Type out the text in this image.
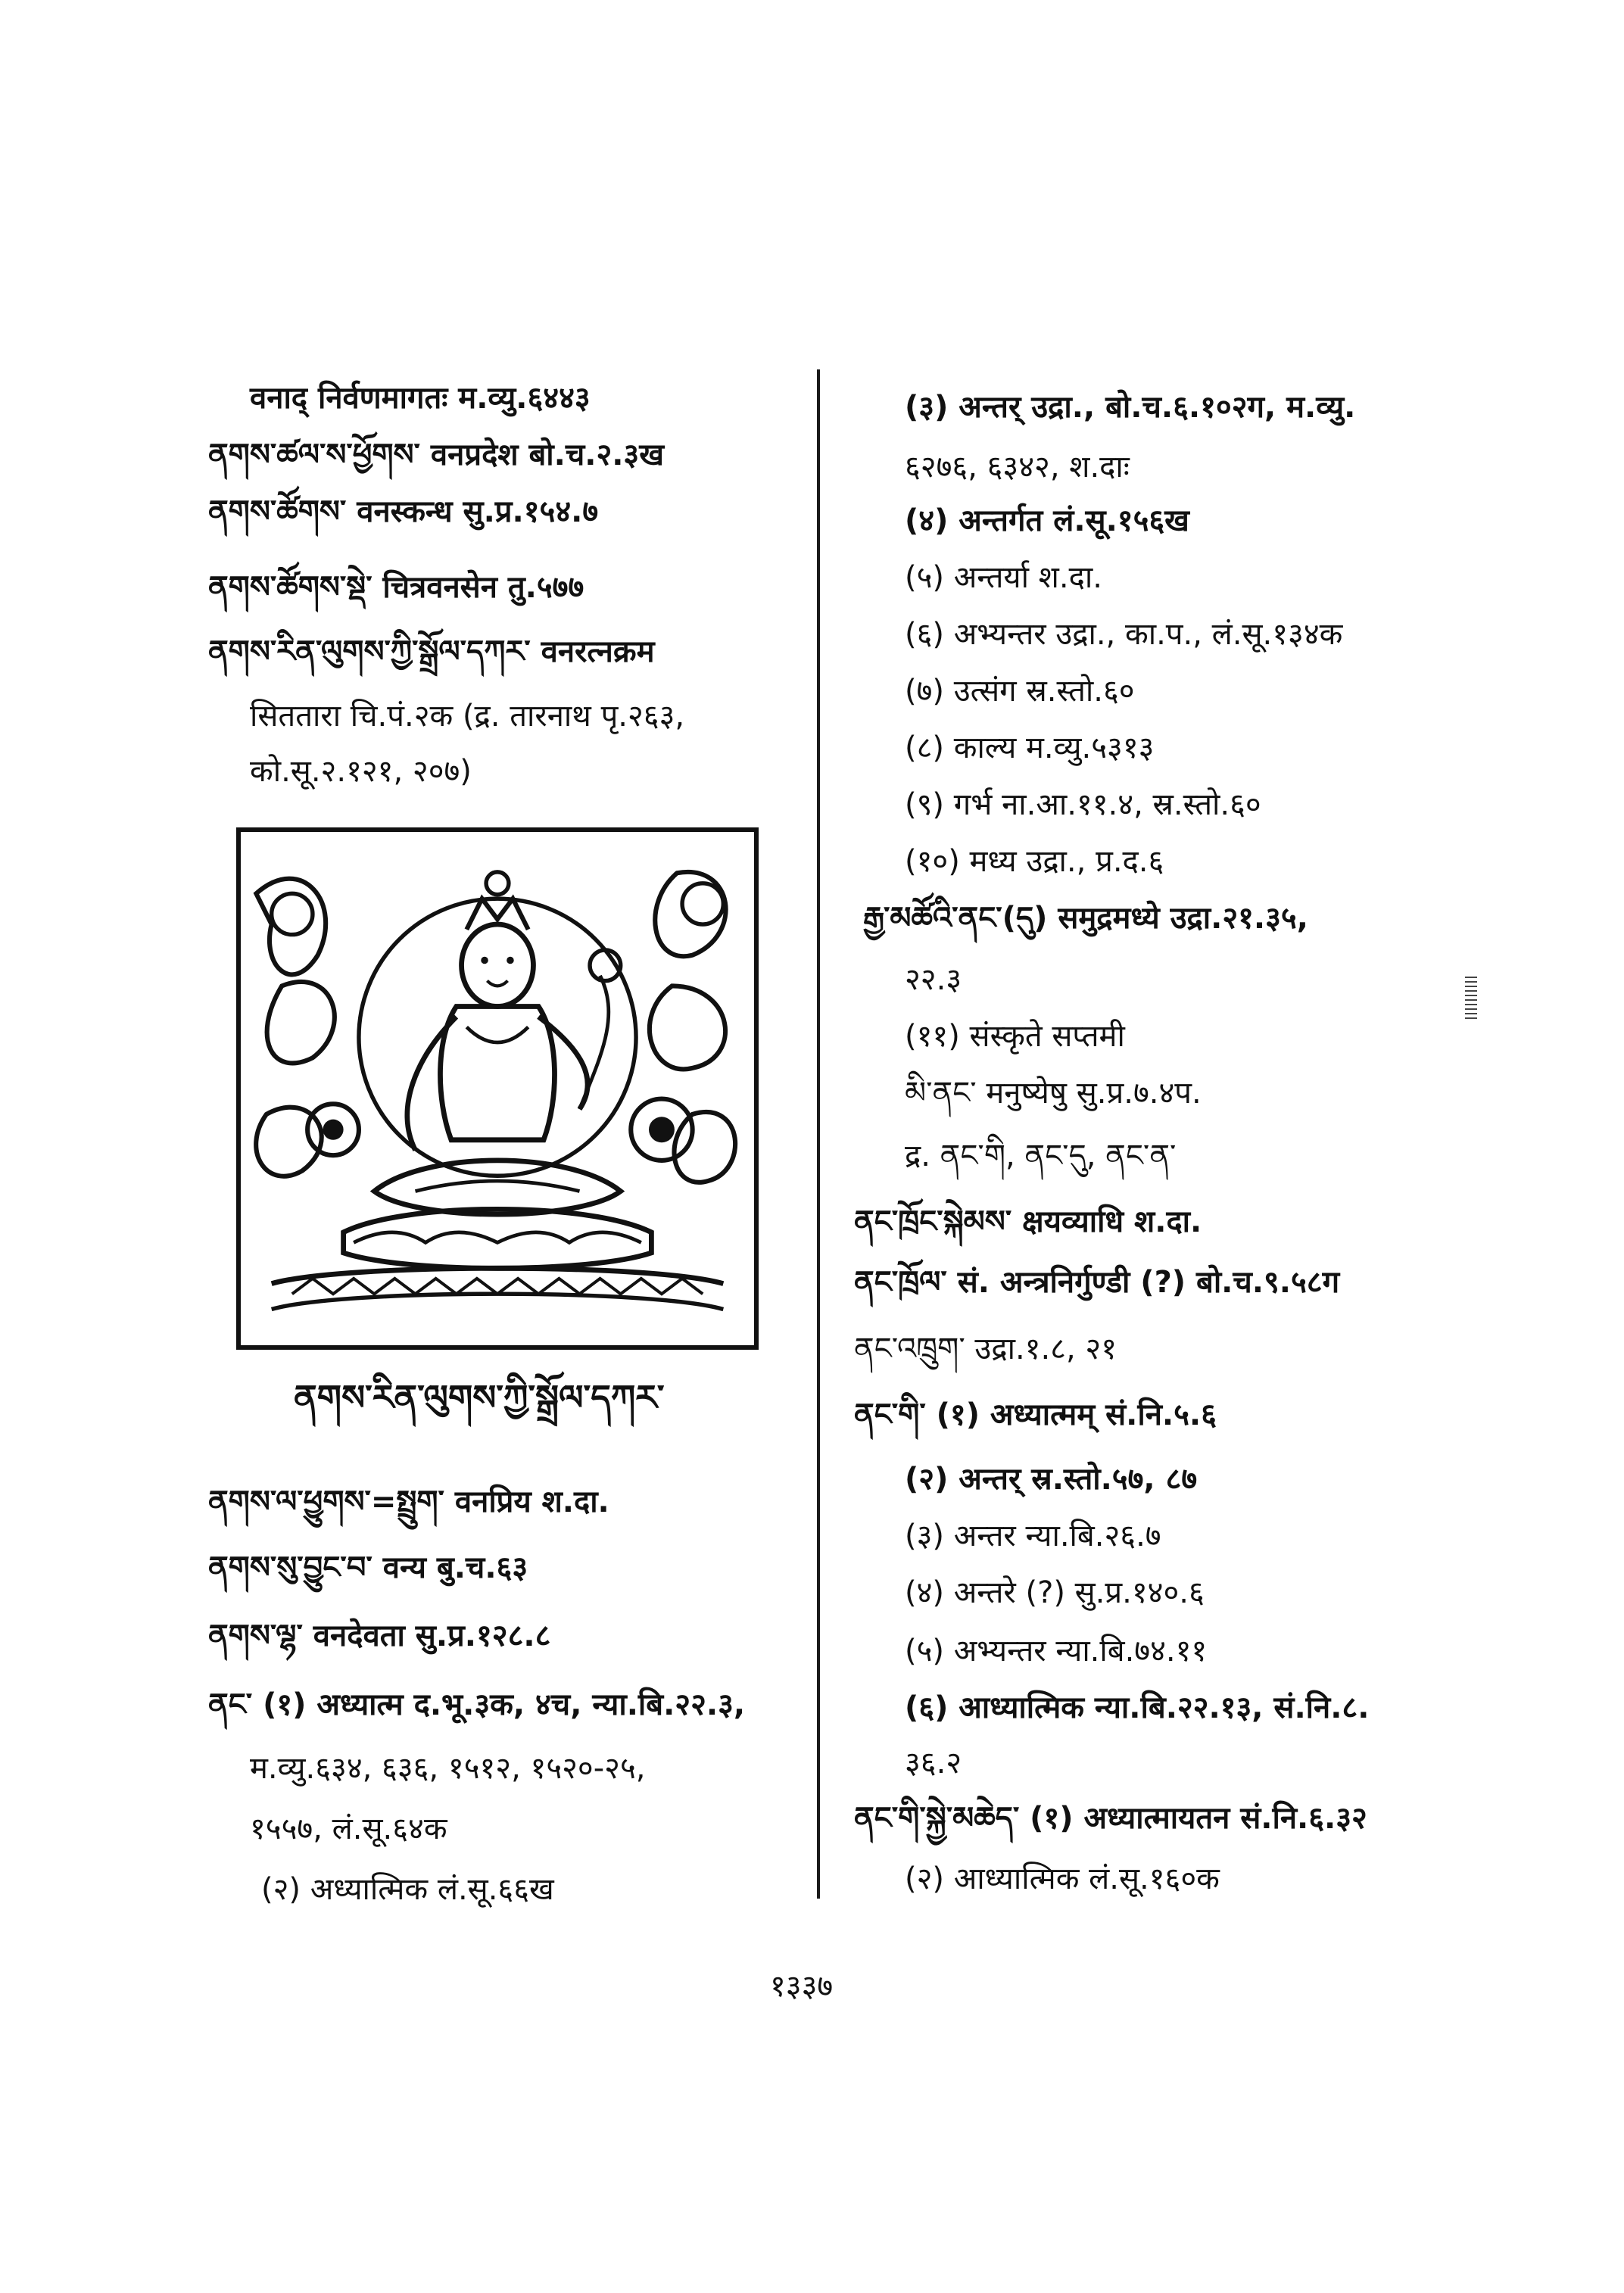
वनाद् निर्वणमागतः म.व्यु.६४४३
ནགས་ཚལ་ས་ཕྱོགས་ वनप्रदेश बो.च.२.३ख
ནགས་ཚོགས་ वनस्कन्ध सु.प्र.१५४.७
ནགས་ཚོགས་སྡེ་ चित्रवनसेन तु.५७७
ནགས་རིན་ལུགས་ཀྱི་སྒྲོལ་དཀར་ वनरत्नक्रम
सिततारा चि.पं.२क (द्र. तारनाथ पृ.२६३,
को.सू.२.१२१, २०७)
ནགས་རིན་ལུགས་ཀྱི་སྒྲོལ་དཀར་
ནགས་ལ་ཕྱུགས་=སྤྲུག་ वनप्रिय श.दा.
ནགས་སུ་བྱུང་བ་ वन्य बु.च.६३
ནགས་ལྷ་ वनदेवता सु.प्र.१२८.८
ནང་ (१) अध्यात्म द.भू.३क, ४च, न्या.बि.२२.३,
म.व्यु.६३४, ६३६, १५१२, १५२०-२५,
१५५७, लं.सू.६४क
(२) अध्यात्मिक लं.सू.६६ख
(३) अन्तर् उद्रा., बो.च.६.१०२ग, म.व्यु.
६२७६, ६३४२, श.दाः
(४) अन्तर्गत लं.सू.१५६ख
(५) अन्तर्या श.दा.
(६) अभ्यन्तर उद्रा., का.प., लं.सू.१३४क
(७) उत्संग स्र.स्तो.६०
(८) काल्य म.व्यु.५३१३
(९) गर्भ ना.आ.११.४, स्र.स्तो.६०
(१०) मध्य उद्रा., प्र.द.६
རྒྱ་མཚོའི་ནང་(དུ) समुद्रमध्ये उद्रा.२१.३५,
२२.३
(११) संस्कृते सप्तमी
མི་ནང་ मनुष्येषु सु.प्र.७.४प.
द्र. ནང་གི, ནང་དུ, ནང་ན་
ནང་ཁྲོང་སྐེམས་ क्षयव्याधि श.दा.
ནང་ཁྲོལ་ सं. अन्त्रनिर्गुण्डी (?) बो.च.९.५८ग
ནང་འཁྲུག་ उद्रा.१.८, २१
ནང་གི་ (१) अध्यात्मम् सं.नि.५.६
(२) अन्तर् स्र.स्तो.५७, ८७
(३) अन्तर न्या.बि.२६.७
(४) अन्तरे (?) सु.प्र.१४०.६
(५) अभ्यन्तर न्या.बि.७४.११
(६) आध्यात्मिक न्या.बि.२२.१३, सं.नि.८.
३६.२
ནང་གི་སྐྱེ་མཆེད་ (१) अध्यात्मायतन सं.नि.६.३२
(२) आध्यात्मिक लं.सू.१६०क
१३३७
